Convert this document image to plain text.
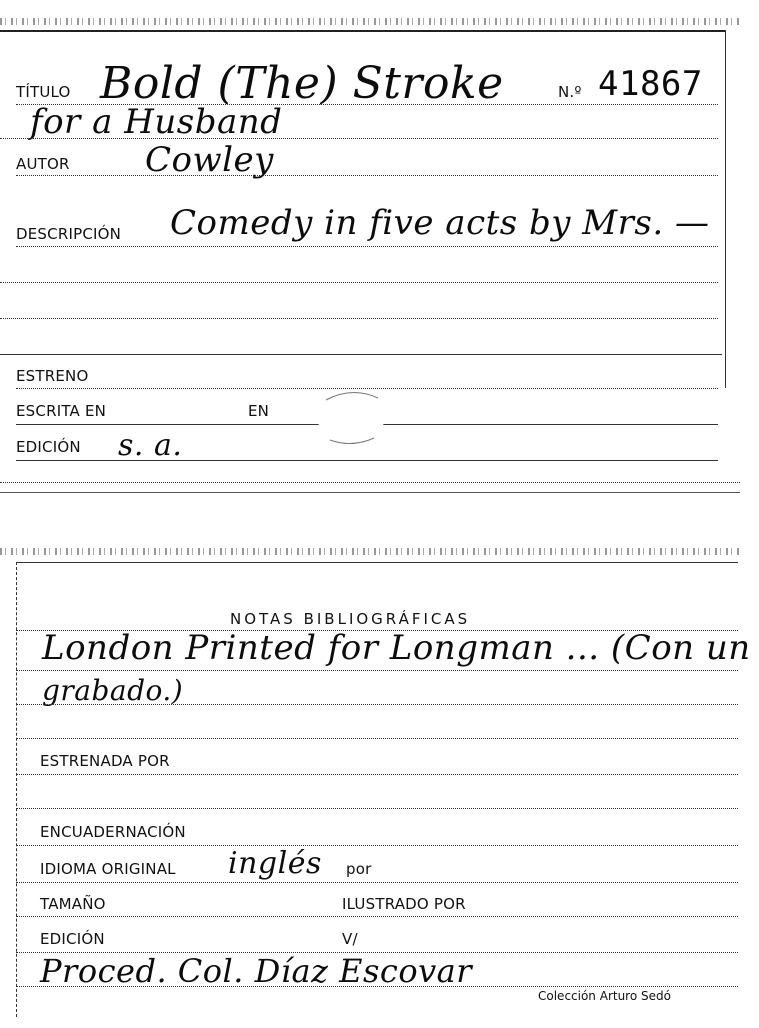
TÍTULO Bold (The) Stroke	N.º 41867
for a Husband
AUTOR Cowley
DESCRIPCIÓN Comedy in five acts by Mrs. —
ESTRENO
ESCRITA EN	EN
EDICIÓN s. a.
NOTAS BIBLIOGRÁFICAS
London Printed for Longman ... (Con un
grabado.)
ESTRENADA POR
ENCUADERNACIÓN
IDIOMA ORIGINAL inglés por
TAMAÑO	ILUSTRADO POR
EDICIÓN	V/
Proced. Col. Díaz Escovar
Colección Arturo Sedó
